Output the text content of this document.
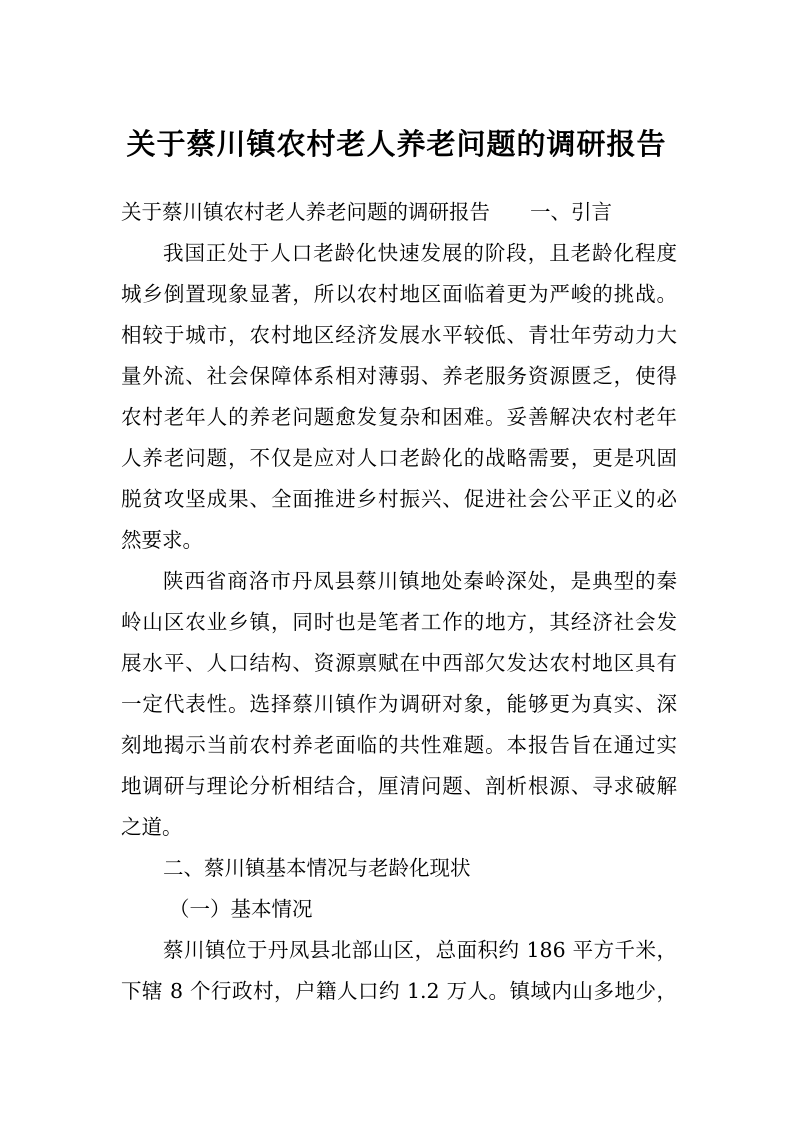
关于蔡川镇农村老人养老问题的调研报告
关于蔡川镇农村老人养老问题的调研报告 一、引言
我国正处于人口老龄化快速发展的阶段，且老龄化程度
城乡倒置现象显著，所以农村地区面临着更为严峻的挑战。
相较于城市，农村地区经济发展水平较低、青壮年劳动力大
量外流、社会保障体系相对薄弱、养老服务资源匮乏，使得
农村老年人的养老问题愈发复杂和困难。妥善解决农村老年
人养老问题，不仅是应对人口老龄化的战略需要，更是巩固
脱贫攻坚成果、全面推进乡村振兴、促进社会公平正义的必
然要求。
陕西省商洛市丹凤县蔡川镇地处秦岭深处，是典型的秦
岭山区农业乡镇，同时也是笔者工作的地方，其经济社会发
展水平、人口结构、资源禀赋在中西部欠发达农村地区具有
一定代表性。选择蔡川镇作为调研对象，能够更为真实、深
刻地揭示当前农村养老面临的共性难题。本报告旨在通过实
地调研与理论分析相结合，厘清问题、剖析根源、寻求破解
之道。
二、蔡川镇基本情况与老龄化现状
（一）基本情况
蔡川镇位于丹凤县北部山区，总面积约 186 平方千米，
下辖 8 个行政村，户籍人口约 1.2 万人。镇域内山多地少，
